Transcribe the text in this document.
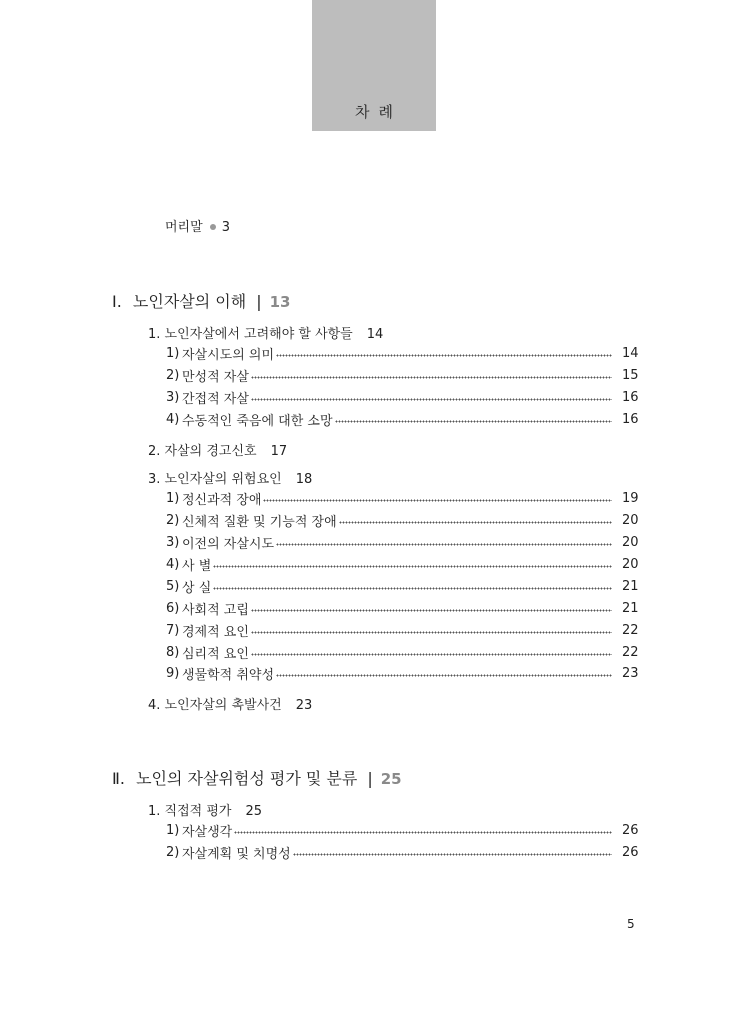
차례
머리말 3
Ⅰ. 노인자살의 이해 | 13
1. 노인자살에서 고려해야 할 사항들 14
1) 자살시도의 의미	14
2) 만성적 자살	15
3) 간접적 자살	16
4) 수동적인 죽음에 대한 소망	16
2. 자살의 경고신호 17
3. 노인자살의 위험요인 18
1) 정신과적 장애	19
2) 신체적 질환 및 기능적 장애	20
3) 이전의 자살시도	20
4) 사 별	20
5) 상 실	21
6) 사회적 고립	21
7) 경제적 요인	22
8) 심리적 요인	22
9) 생물학적 취약성	23
4. 노인자살의 촉발사건 23
Ⅱ. 노인의 자살위험성 평가 및 분류 | 25
1. 직접적 평가 25
1) 자살생각	26
2) 자살계획 및 치명성	26
5
